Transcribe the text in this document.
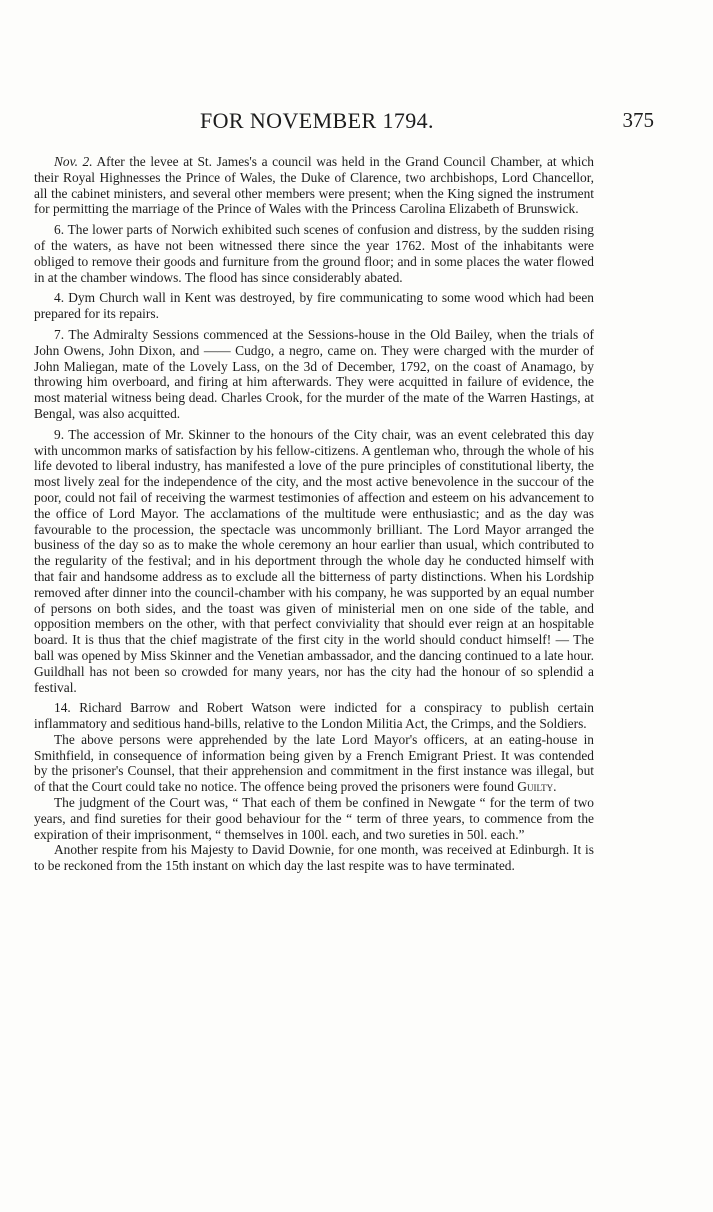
FOR NOVEMBER 1794.	375

Nov. 2. After the levee at St. James's a council was held in the Grand Council Chamber, at which their Royal Highnesses the Prince of Wales, the Duke of Clarence, two archbishops, Lord Chancellor, all the cabinet ministers, and several other members were present; when the King signed the instrument for permitting the marriage of the Prince of Wales with the Princess Carolina Elizabeth of Brunswick.

6. The lower parts of Norwich exhibited such scenes of confusion and distress, by the sudden rising of the waters, as have not been witnessed there since the year 1762. Most of the inhabitants were obliged to remove their goods and furniture from the ground floor; and in some places the water flowed in at the chamber windows. The flood has since considerably abated.

4. Dym Church wall in Kent was destroyed, by fire communicating to some wood which had been prepared for its repairs.

7. The Admiralty Sessions commenced at the Sessions-house in the Old Bailey, when the trials of John Owens, John Dixon, and —— Cudgo, a negro, came on. They were charged with the murder of John Maliegan, mate of the Lovely Lass, on the 3d of December, 1792, on the coast of Anamago, by throwing him overboard, and firing at him afterwards. They were acquitted in failure of evidence, the most material witness being dead. Charles Crook, for the murder of the mate of the Warren Hastings, at Bengal, was also acquitted.

9. The accession of Mr. Skinner to the honours of the City chair, was an event celebrated this day with uncommon marks of satisfaction by his fellow-citizens. A gentleman who, through the whole of his life devoted to liberal industry, has manifested a love of the pure principles of constitutional liberty, the most lively zeal for the independence of the city, and the most active benevolence in the succour of the poor, could not fail of receiving the warmest testimonies of affection and esteem on his advancement to the office of Lord Mayor. The acclamations of the multitude were enthusiastic; and as the day was favourable to the procession, the spectacle was uncommonly brilliant. The Lord Mayor arranged the business of the day so as to make the whole ceremony an hour earlier than usual, which contributed to the regularity of the festival; and in his deportment through the whole day he conducted himself with that fair and handsome address as to exclude all the bitterness of party distinctions. When his Lordship removed after dinner into the council-chamber with his company, he was supported by an equal number of persons on both sides, and the toast was given of ministerial men on one side of the table, and opposition members on the other, with that perfect conviviality that should ever reign at an hospitable board. It is thus that the chief magistrate of the first city in the world should conduct himself! — The ball was opened by Miss Skinner and the Venetian ambassador, and the dancing continued to a late hour. Guildhall has not been so crowded for many years, nor has the city had the honour of so splendid a festival.

14. Richard Barrow and Robert Watson were indicted for a conspiracy to publish certain inflammatory and seditious hand-bills, relative to the London Militia Act, the Crimps, and the Soldiers.

The above persons were apprehended by the late Lord Mayor's officers, at an eating-house in Smithfield, in consequence of information being given by a French Emigrant Priest. It was contended by the prisoner's Counsel, that their apprehension and commitment in the first instance was illegal, but of that the Court could take no notice. The offence being proved the prisoners were found Guilty.

The judgment of the Court was, “ That each of them be confined in Newgate “ for the term of two years, and find sureties for their good behaviour for the “ term of three years, to commence from the expiration of their imprisonment, “ themselves in 100l. each, and two sureties in 50l. each.”

Another respite from his Majesty to David Downie, for one month, was received at Edinburgh. It is to be reckoned from the 15th instant on which day the last respite was to have terminated.
